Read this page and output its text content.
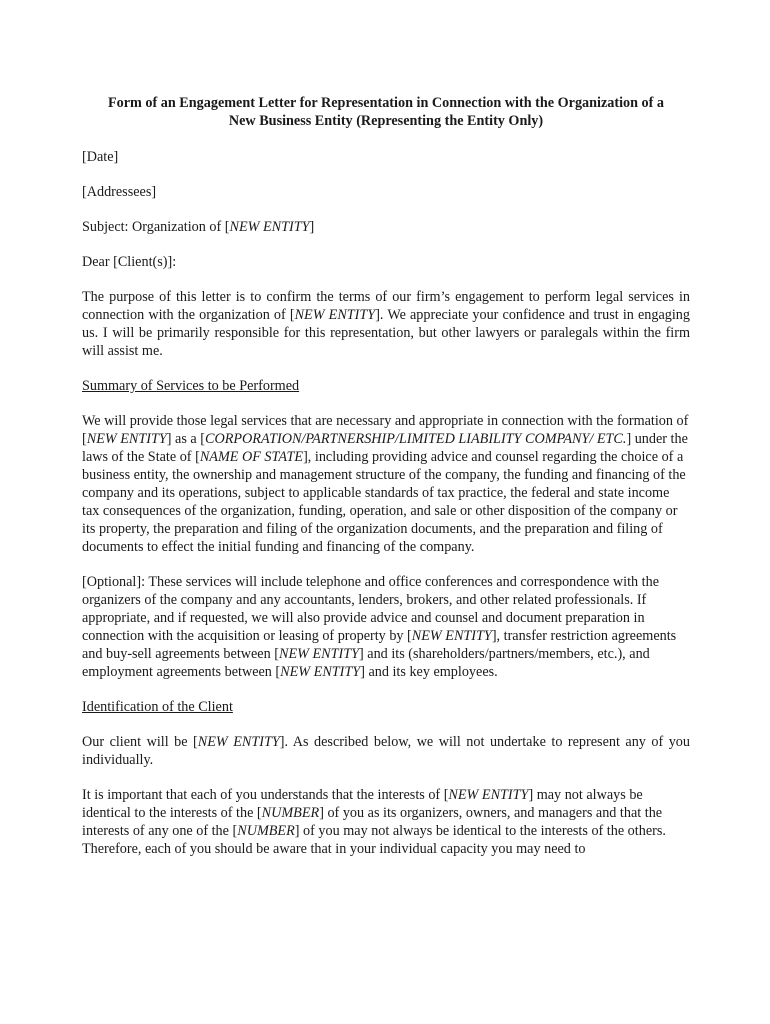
Form of an Engagement Letter for Representation in Connection with the Organization of a
New Business Entity (Representing the Entity Only)

[Date]

[Addressees]

Subject: Organization of [NEW ENTITY]

Dear [Client(s)]:

The purpose of this letter is to confirm the terms of our firm’s engagement to perform legal services in connection with the organization of [NEW ENTITY]. We appreciate your confidence and trust in engaging us. I will be primarily responsible for this representation, but other lawyers or paralegals within the firm will assist me.

Summary of Services to be Performed

We will provide those legal services that are necessary and appropriate in connection with the formation of [NEW ENTITY] as a [CORPORATION/PARTNERSHIP/LIMITED LIABILITY COMPANY/ ETC.] under the laws of the State of [NAME OF STATE], including providing advice and counsel regarding the choice of a business entity, the ownership and management structure of the company, the funding and financing of the company and its operations, subject to applicable standards of tax practice, the federal and state income tax consequences of the organization, funding, operation, and sale or other disposition of the company or its property, the preparation and filing of the organization documents, and the preparation and filing of documents to effect the initial funding and financing of the company.

[Optional]: These services will include telephone and office conferences and correspondence with the organizers of the company and any accountants, lenders, brokers, and other related professionals. If appropriate, and if requested, we will also provide advice and counsel and document preparation in connection with the acquisition or leasing of property by [NEW ENTITY], transfer restriction agreements and buy-sell agreements between [NEW ENTITY] and its (shareholders/partners/members, etc.), and employment agreements between [NEW ENTITY] and its key employees.

Identification of the Client

Our client will be [NEW ENTITY]. As described below, we will not undertake to represent any of you individually.

It is important that each of you understands that the interests of [NEW ENTITY] may not always be identical to the interests of the [NUMBER] of you as its organizers, owners, and managers and that the interests of any one of the [NUMBER] of you may not always be identical to the interests of the others. Therefore, each of you should be aware that in your individual capacity you may need to
